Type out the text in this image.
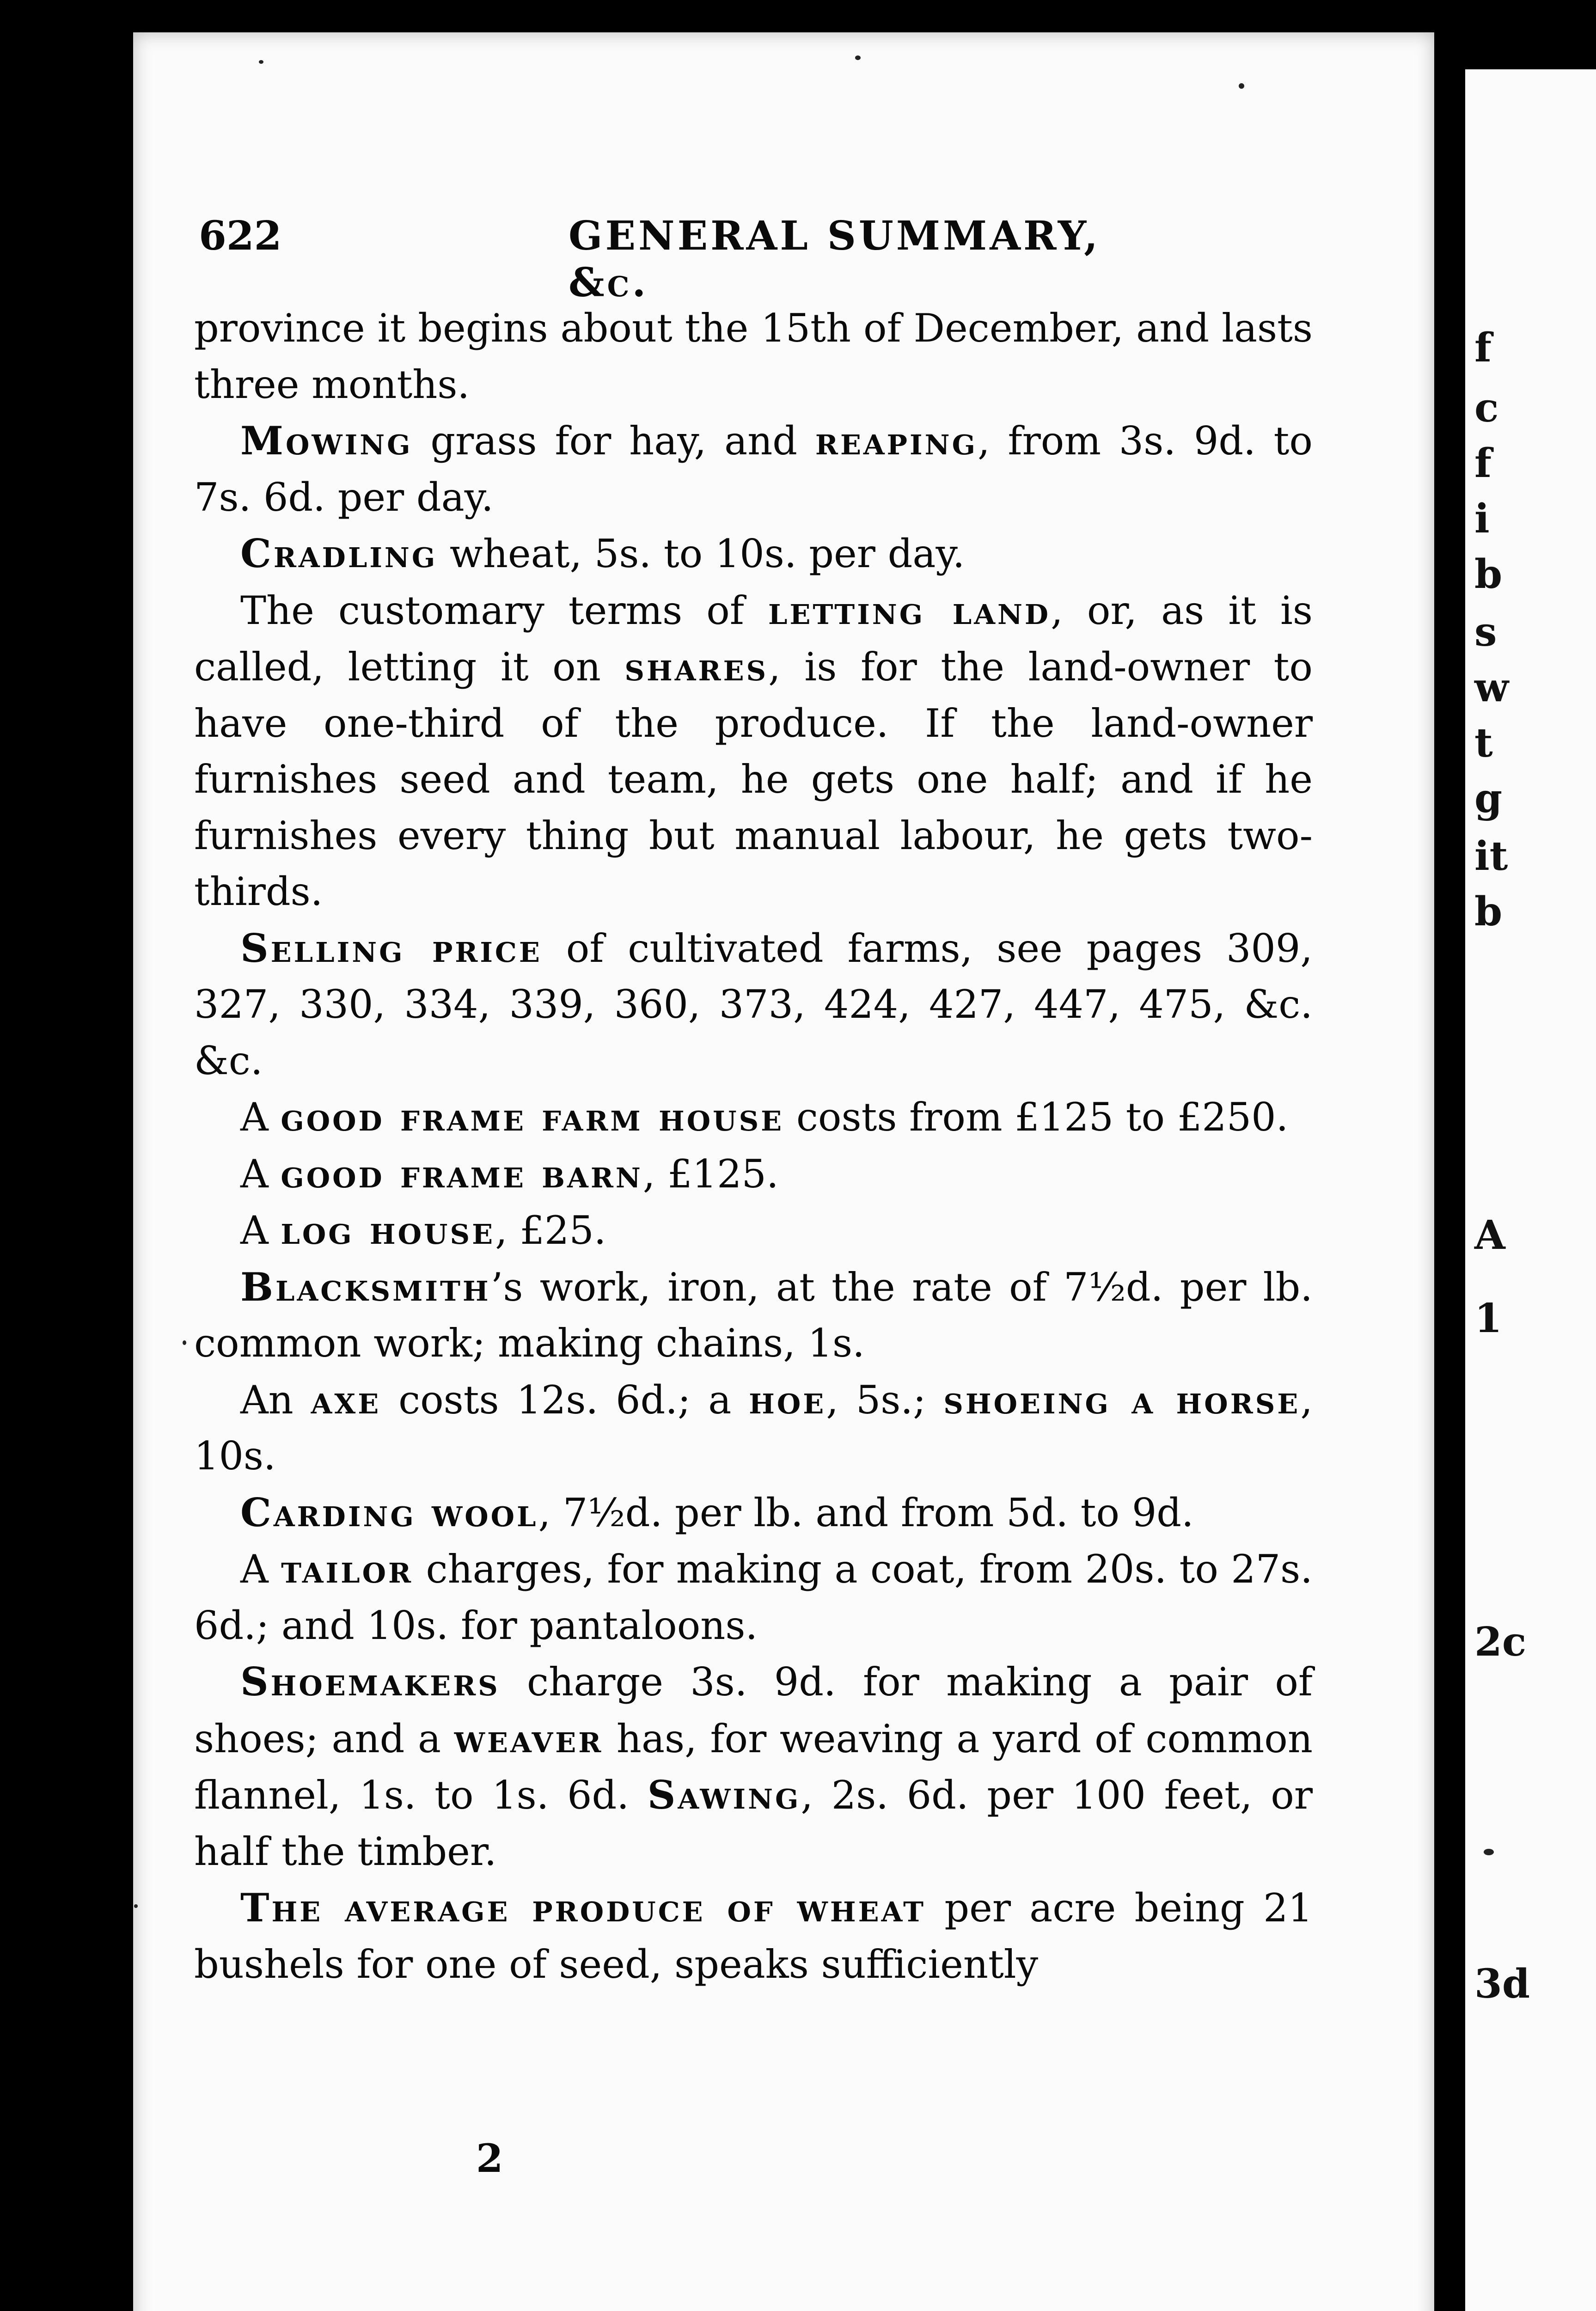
f
c
f
i
b
s
w
t
g
it
b
A
1
2c
3d
622	GENERAL SUMMARY, &c.

province it begins about the 15th of December, and lasts three months.

Mowing grass for hay, and reaping, from 3s. 9d. to 7s. 6d. per day.

Cradling wheat, 5s. to 10s. per day.

The customary terms of letting land, or, as it is called, letting it on shares, is for the land-owner to have one-third of the produce. If the land-owner furnishes seed and team, he gets one half; and if he furnishes every thing but manual labour, he gets two-thirds.

Selling price of cultivated farms, see pages 309, 327, 330, 334, 339, 360, 373, 424, 427, 447, 475, &c. &c.

A good frame farm house costs from £125 to £250.

A good frame barn, £125.

A log house, £25.

Blacksmith’s work, iron, at the rate of 7½d. per lb. common work; making chains, 1s.

An axe costs 12s. 6d.; a hoe, 5s.; shoeing a horse, 10s.

Carding wool, 7½d. per lb. and from 5d. to 9d.

A tailor charges, for making a coat, from 20s. to 27s. 6d.; and 10s. for pantaloons.

Shoemakers charge 3s. 9d. for making a pair of shoes; and a weaver has, for weaving a yard of common flannel, 1s. to 1s. 6d. Sawing, 2s. 6d. per 100 feet, or half the timber.

The average produce of wheat per acre being 21 bushels for one of seed, speaks sufficiently

2
